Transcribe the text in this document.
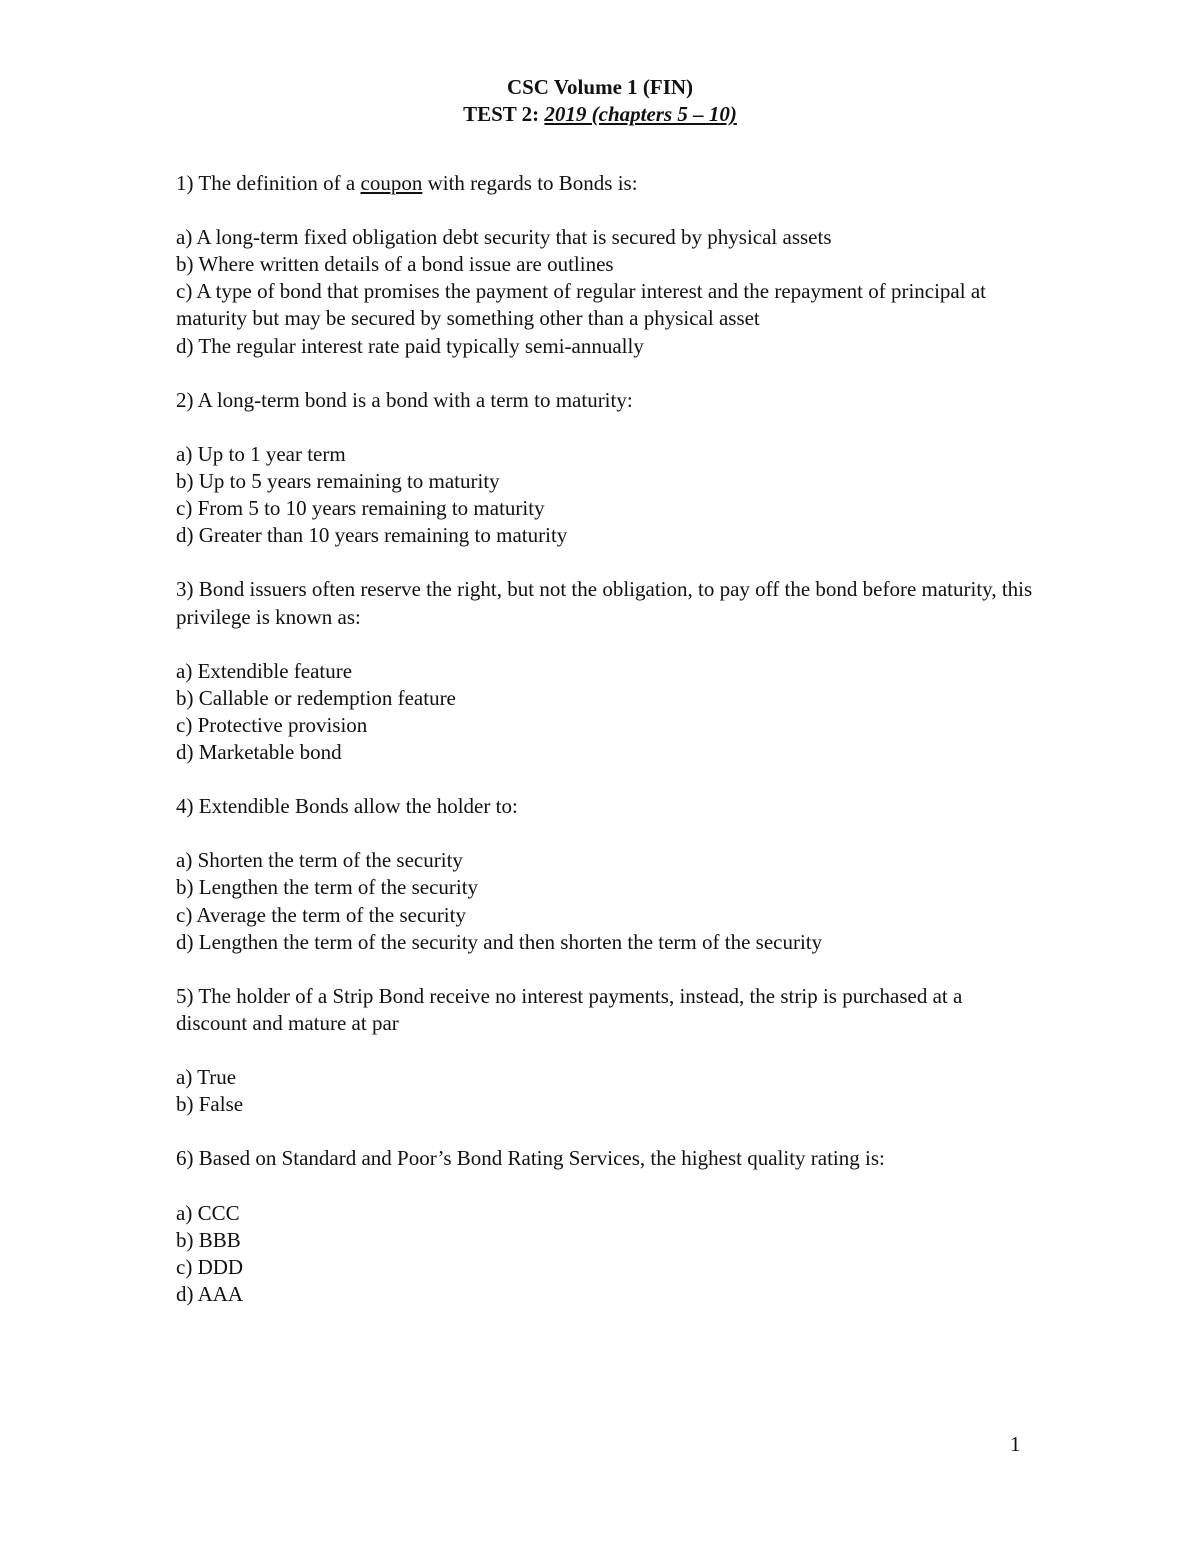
CSC Volume 1 (FIN)
TEST 2: 2019 (chapters 5 – 10)

1) The definition of a coupon with regards to Bonds is:

a) A long-term fixed obligation debt security that is secured by physical assets

b) Where written details of a bond issue are outlines

c) A type of bond that promises the payment of regular interest and the repayment of principal at maturity but may be secured by something other than a physical asset

d) The regular interest rate paid typically semi-annually

2) A long-term bond is a bond with a term to maturity:

a) Up to 1 year term

b) Up to 5 years remaining to maturity

c) From 5 to 10 years remaining to maturity

d) Greater than 10 years remaining to maturity

3) Bond issuers often reserve the right, but not the obligation, to pay off the bond before maturity, this privilege is known as:

a) Extendible feature

b) Callable or redemption feature

c) Protective provision

d) Marketable bond

4) Extendible Bonds allow the holder to:

a) Shorten the term of the security

b) Lengthen the term of the security

c) Average the term of the security

d) Lengthen the term of the security and then shorten the term of the security

5) The holder of a Strip Bond receive no interest payments, instead, the strip is purchased at a discount and mature at par

a) True

b) False

6) Based on Standard and Poor’s Bond Rating Services, the highest quality rating is:

a) CCC

b) BBB

c) DDD

d) AAA

1
